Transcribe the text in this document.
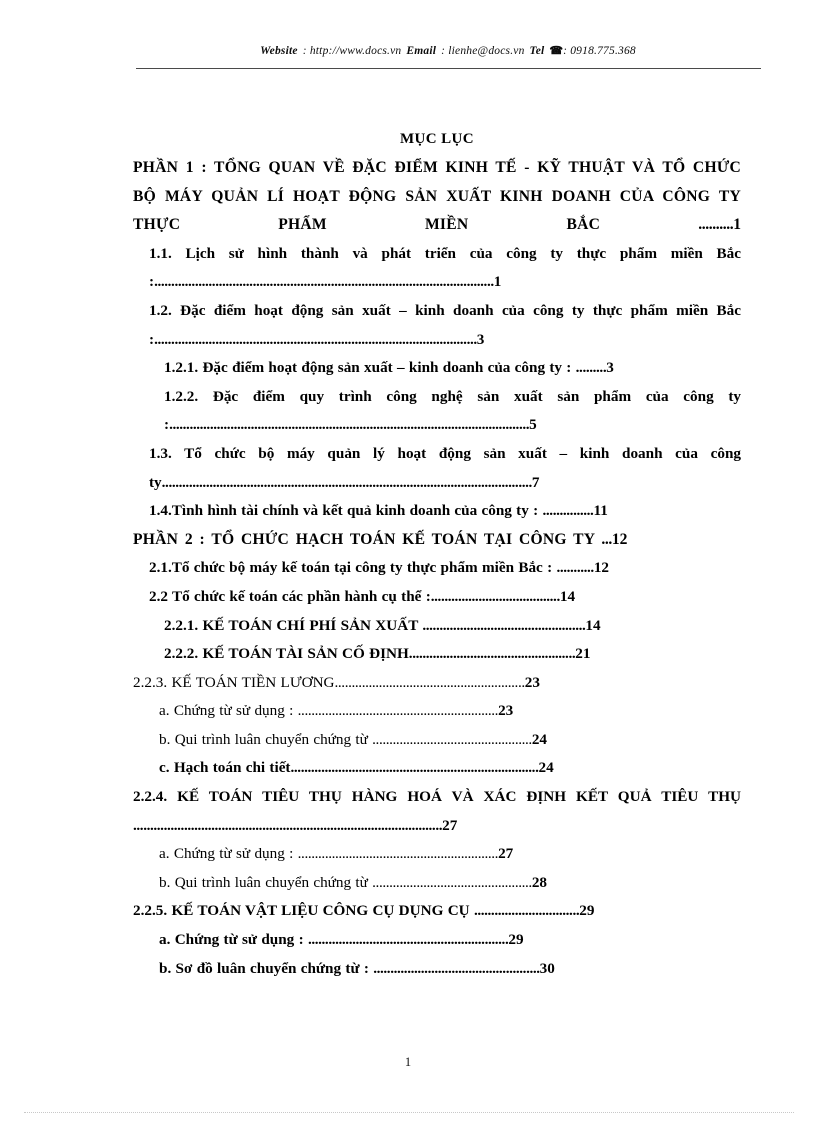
Website : http://www.docs.vn Email : lienhe@docs.vn Tel ☎: 0918.775.368
MỤC LỤC

PHẦN 1 : TỔNG QUAN VỀ ĐẶC ĐIỂM KINH TẾ - KỸ THUẬT VÀ TỔ CHỨC BỘ MÁY QUẢN LÍ HOẠT ĐỘNG SẢN XUẤT KINH DOANH CỦA CÔNG TY THỰC PHẨM MIỀN BẮC ..........1

1.1. Lịch sử hình thành và phát triển của công ty thực phẩm miền Bắc :....................................................................................................1

1.2. Đặc điểm hoạt động sản xuất – kinh doanh của công ty thực phẩm miền Bắc :...............................................................................................3

1.2.1. Đặc điểm hoạt động sản xuất – kinh doanh của công ty : .........3

1.2.2. Đặc điểm quy trình công nghệ sản xuất sản phẩm của công ty :..........................................................................................................5

1.3. Tổ chức bộ máy quản lý hoạt động sản xuất – kinh doanh của công ty.............................................................................................................7

1.4.Tình hình tài chính và kết quả kinh doanh của công ty : ...............11

PHẦN 2 : TỔ CHỨC HẠCH TOÁN KẾ TOÁN TẠI CÔNG TY ...12

2.1.Tổ chức bộ máy kế toán tại công ty thực phẩm miền Bắc : ...........12

2.2 Tổ chức kế toán các phần hành cụ thể :......................................14

2.2.1. KẾ TOÁN CHÍ PHÍ SẢN XUẤT ................................................14

2.2.2. KẾ TOÁN TÀI SẢN CỐ ĐỊNH.................................................21

2.2.3. KẾ TOÁN TIỀN LƯƠNG........................................................23

a. Chứng từ sử dụng : ...........................................................23

b. Qui trình luân chuyển chứng từ ...............................................24

c. Hạch toán chi tiết.........................................................................24

2.2.4. KẾ TOÁN TIÊU THỤ HÀNG HOÁ VÀ XÁC ĐỊNH KẾT QUẢ TIÊU THỤ ...........................................................................................27

a. Chứng từ sử dụng : ...........................................................27

b. Qui trình luân chuyển chứng từ ...............................................28

2.2.5. KẾ TOÁN VẬT LIỆU CÔNG CỤ DỤNG CỤ ...............................29

a. Chứng từ sử dụng : ...........................................................29

b. Sơ đồ luân chuyển chứng từ : .................................................30

1
